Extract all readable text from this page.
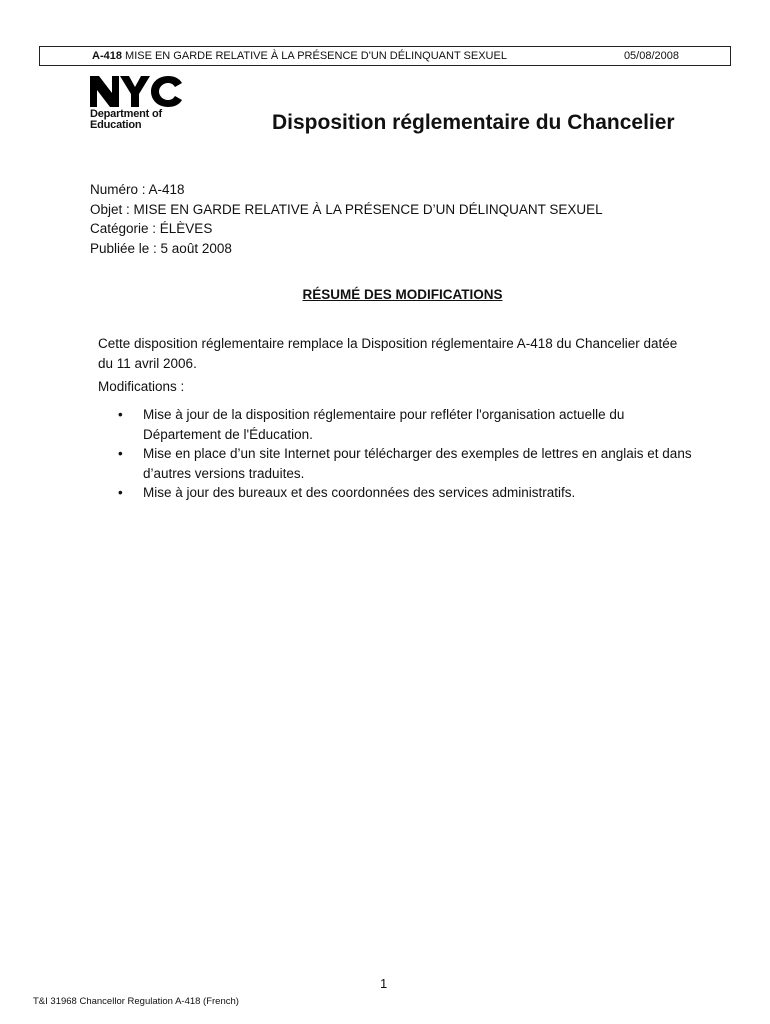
A-418 MISE EN GARDE RELATIVE À LA PRÉSENCE D'UN DÉLINQUANT SEXUEL	05/08/2008
Department of
Education	Disposition réglementaire du Chancelier
Numéro : A-418
Objet : MISE EN GARDE RELATIVE À LA PRÉSENCE D’UN DÉLINQUANT SEXUEL
Catégorie : ÉLÈVES
Publiée le : 5 août 2008
RÉSUMÉ DES MODIFICATIONS
Cette disposition réglementaire remplace la Disposition réglementaire A-418 du Chancelier datée du 11 avril 2006.
Modifications :
• Mise à jour de la disposition réglementaire pour refléter l'organisation actuelle du Département de l'Éducation.
• Mise en place d’un site Internet pour télécharger des exemples de lettres en anglais et dans d’autres versions traduites.
• Mise à jour des bureaux et des coordonnées des services administratifs.
1
T&I 31968 Chancellor Regulation A-418 (French)
